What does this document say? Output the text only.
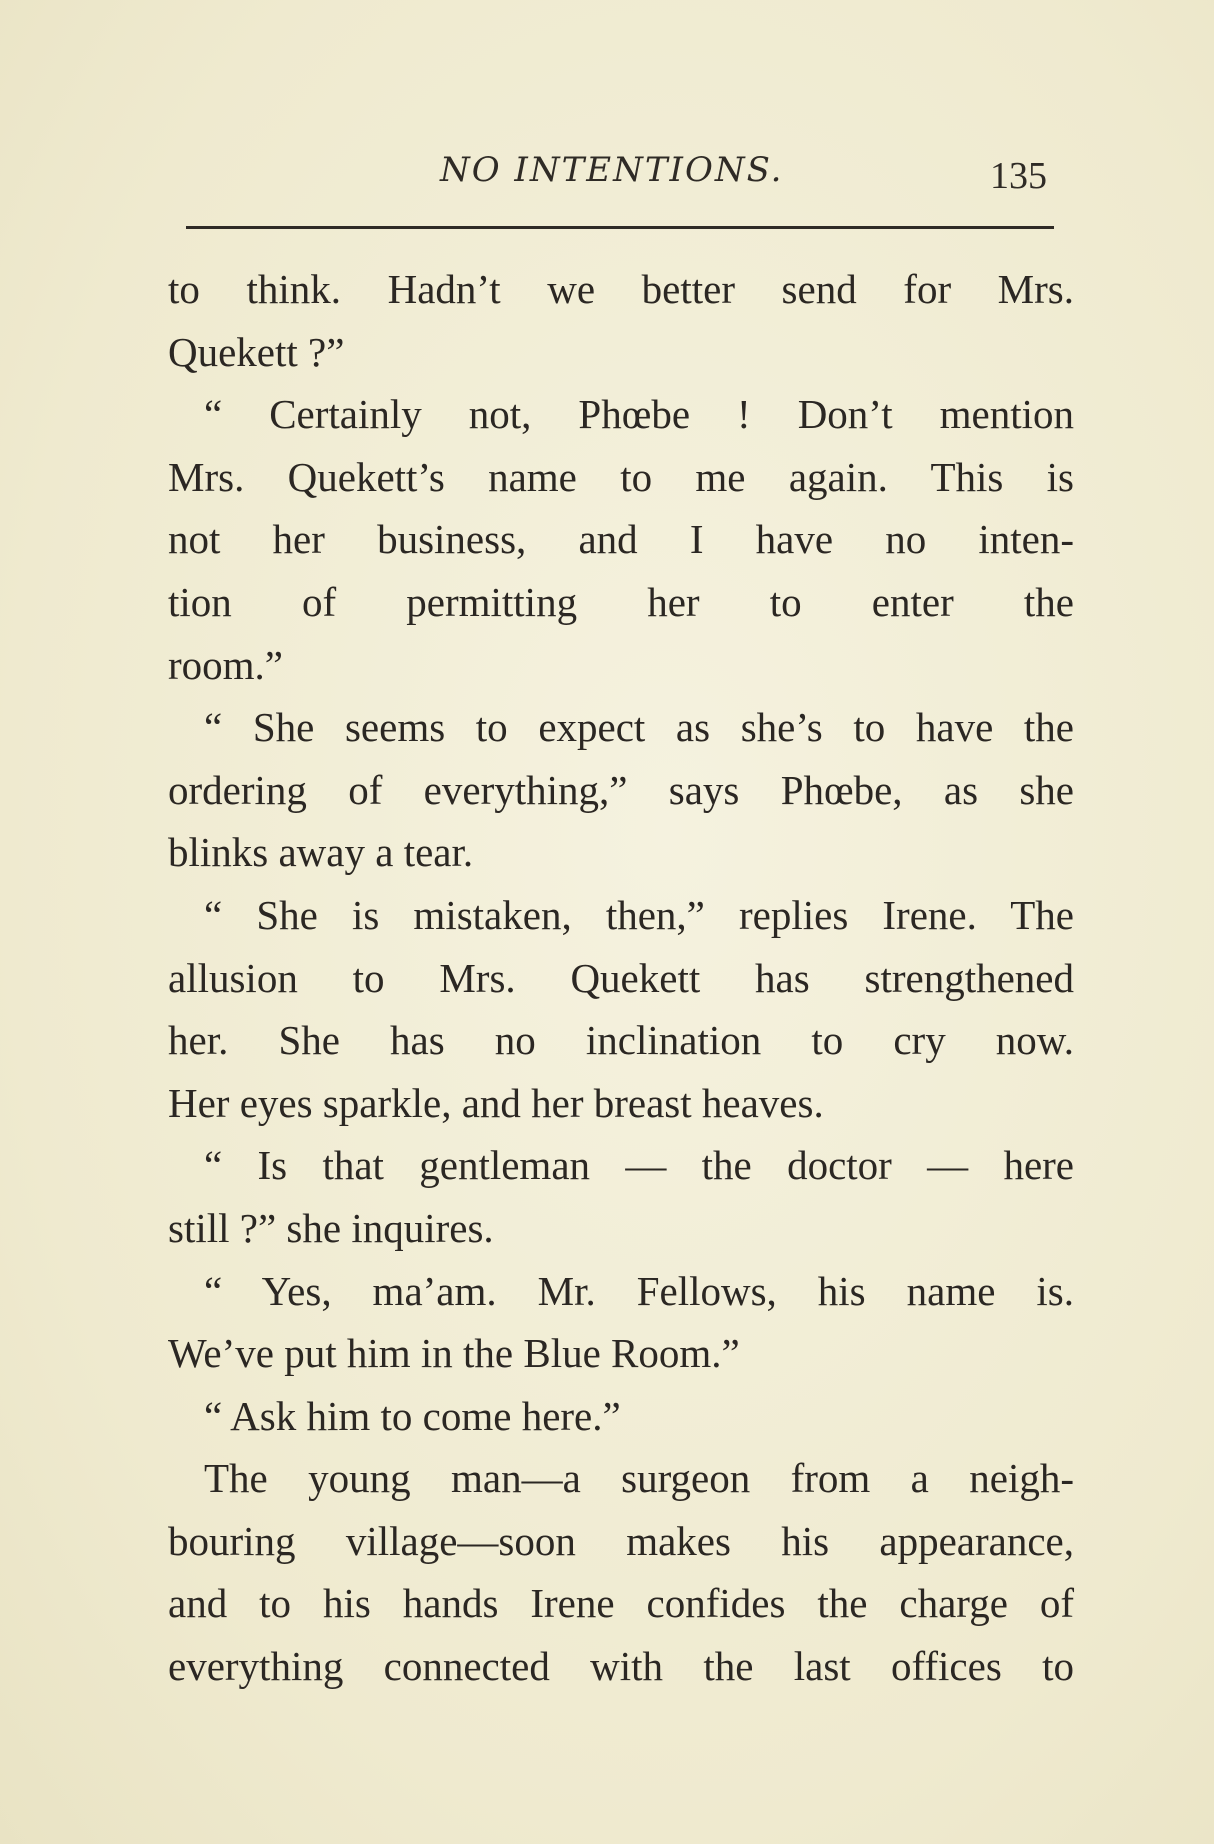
NO INTENTIONS.	135
to think. Hadn’t we better send for Mrs.
Quekett ?”
“ Certainly not, Phœbe ! Don’t mention
Mrs. Quekett’s name to me again. This is
not her business, and I have no inten-
tion of permitting her to enter the
room.”
“ She seems to expect as she’s to have the
ordering of everything,” says Phœbe, as she
blinks away a tear.
“ She is mistaken, then,” replies Irene. The
allusion to Mrs. Quekett has strengthened
her. She has no inclination to cry now.
Her eyes sparkle, and her breast heaves.
“ Is that gentleman — the doctor — here
still ?” she inquires.
“ Yes, ma’am. Mr. Fellows, his name is.
We’ve put him in the Blue Room.”
“ Ask him to come here.”
The young man—a surgeon from a neigh-
bouring village—soon makes his appearance,
and to his hands Irene confides the charge of
everything connected with the last offices to
